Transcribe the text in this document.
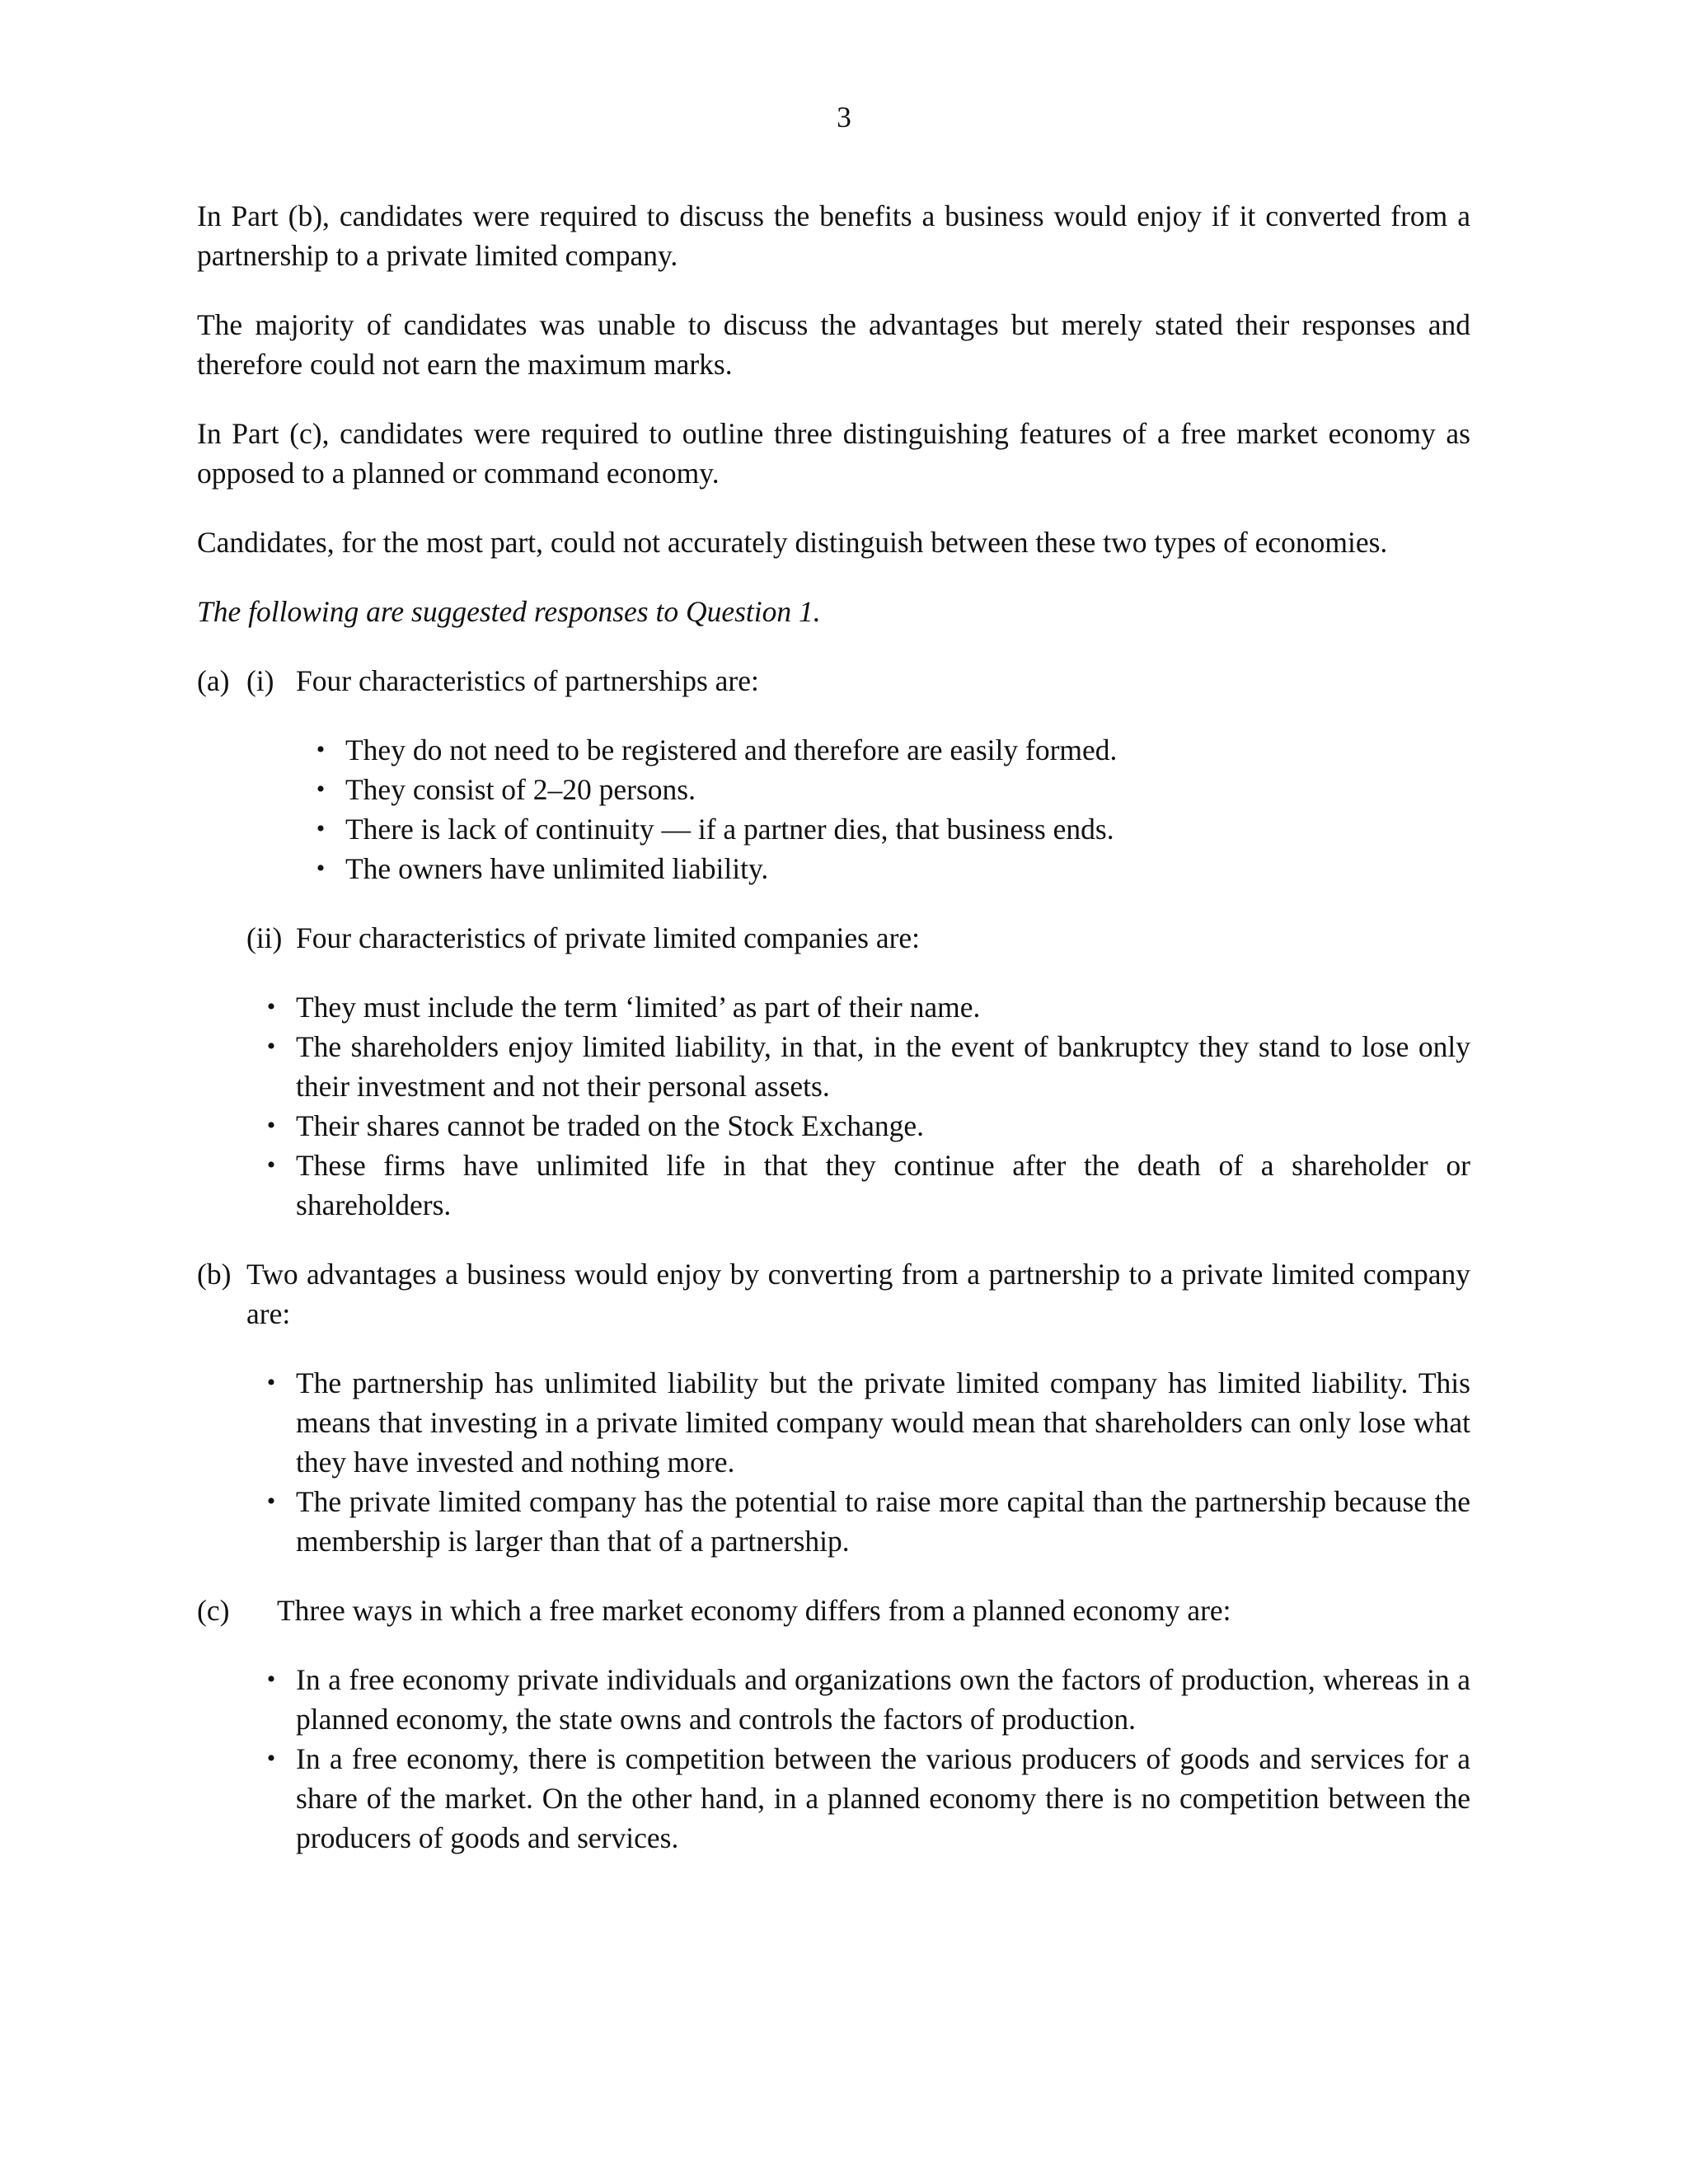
3

In Part (b), candidates were required to discuss the benefits a business would enjoy if it converted from a partnership to a private limited company.

The majority of candidates was unable to discuss the advantages but merely stated their responses and therefore could not earn the maximum marks.

In Part (c), candidates were required to outline three distinguishing features of a free market economy as opposed to a planned or command economy.

Candidates, for the most part, could not accurately distinguish between these two types of economies.

The following are suggested responses to Question 1.

(a) (i) Four characteristics of partnerships are:
• They do not need to be registered and therefore are easily formed.
• They consist of 2–20 persons.
• There is lack of continuity — if a partner dies, that business ends.
• The owners have unlimited liability.
(ii) Four characteristics of private limited companies are:
• They must include the term ‘limited’ as part of their name.
• The shareholders enjoy limited liability, in that, in the event of bankruptcy they stand to lose only their investment and not their personal assets.
• Their shares cannot be traded on the Stock Exchange.
• These firms have unlimited life in that they continue after the death of a shareholder or shareholders.
(b) Two advantages a business would enjoy by converting from a partnership to a private limited company are:
• The partnership has unlimited liability but the private limited company has limited liability. This means that investing in a private limited company would mean that shareholders can only lose what they have invested and nothing more.
• The private limited company has the potential to raise more capital than the partnership because the membership is larger than that of a partnership.
(c)	Three ways in which a free market economy differs from a planned economy are:
• In a free economy private individuals and organizations own the factors of production, whereas in a planned economy, the state owns and controls the factors of production.
• In a free economy, there is competition between the various producers of goods and services for a share of the market. On the other hand, in a planned economy there is no competition between the producers of goods and services.
